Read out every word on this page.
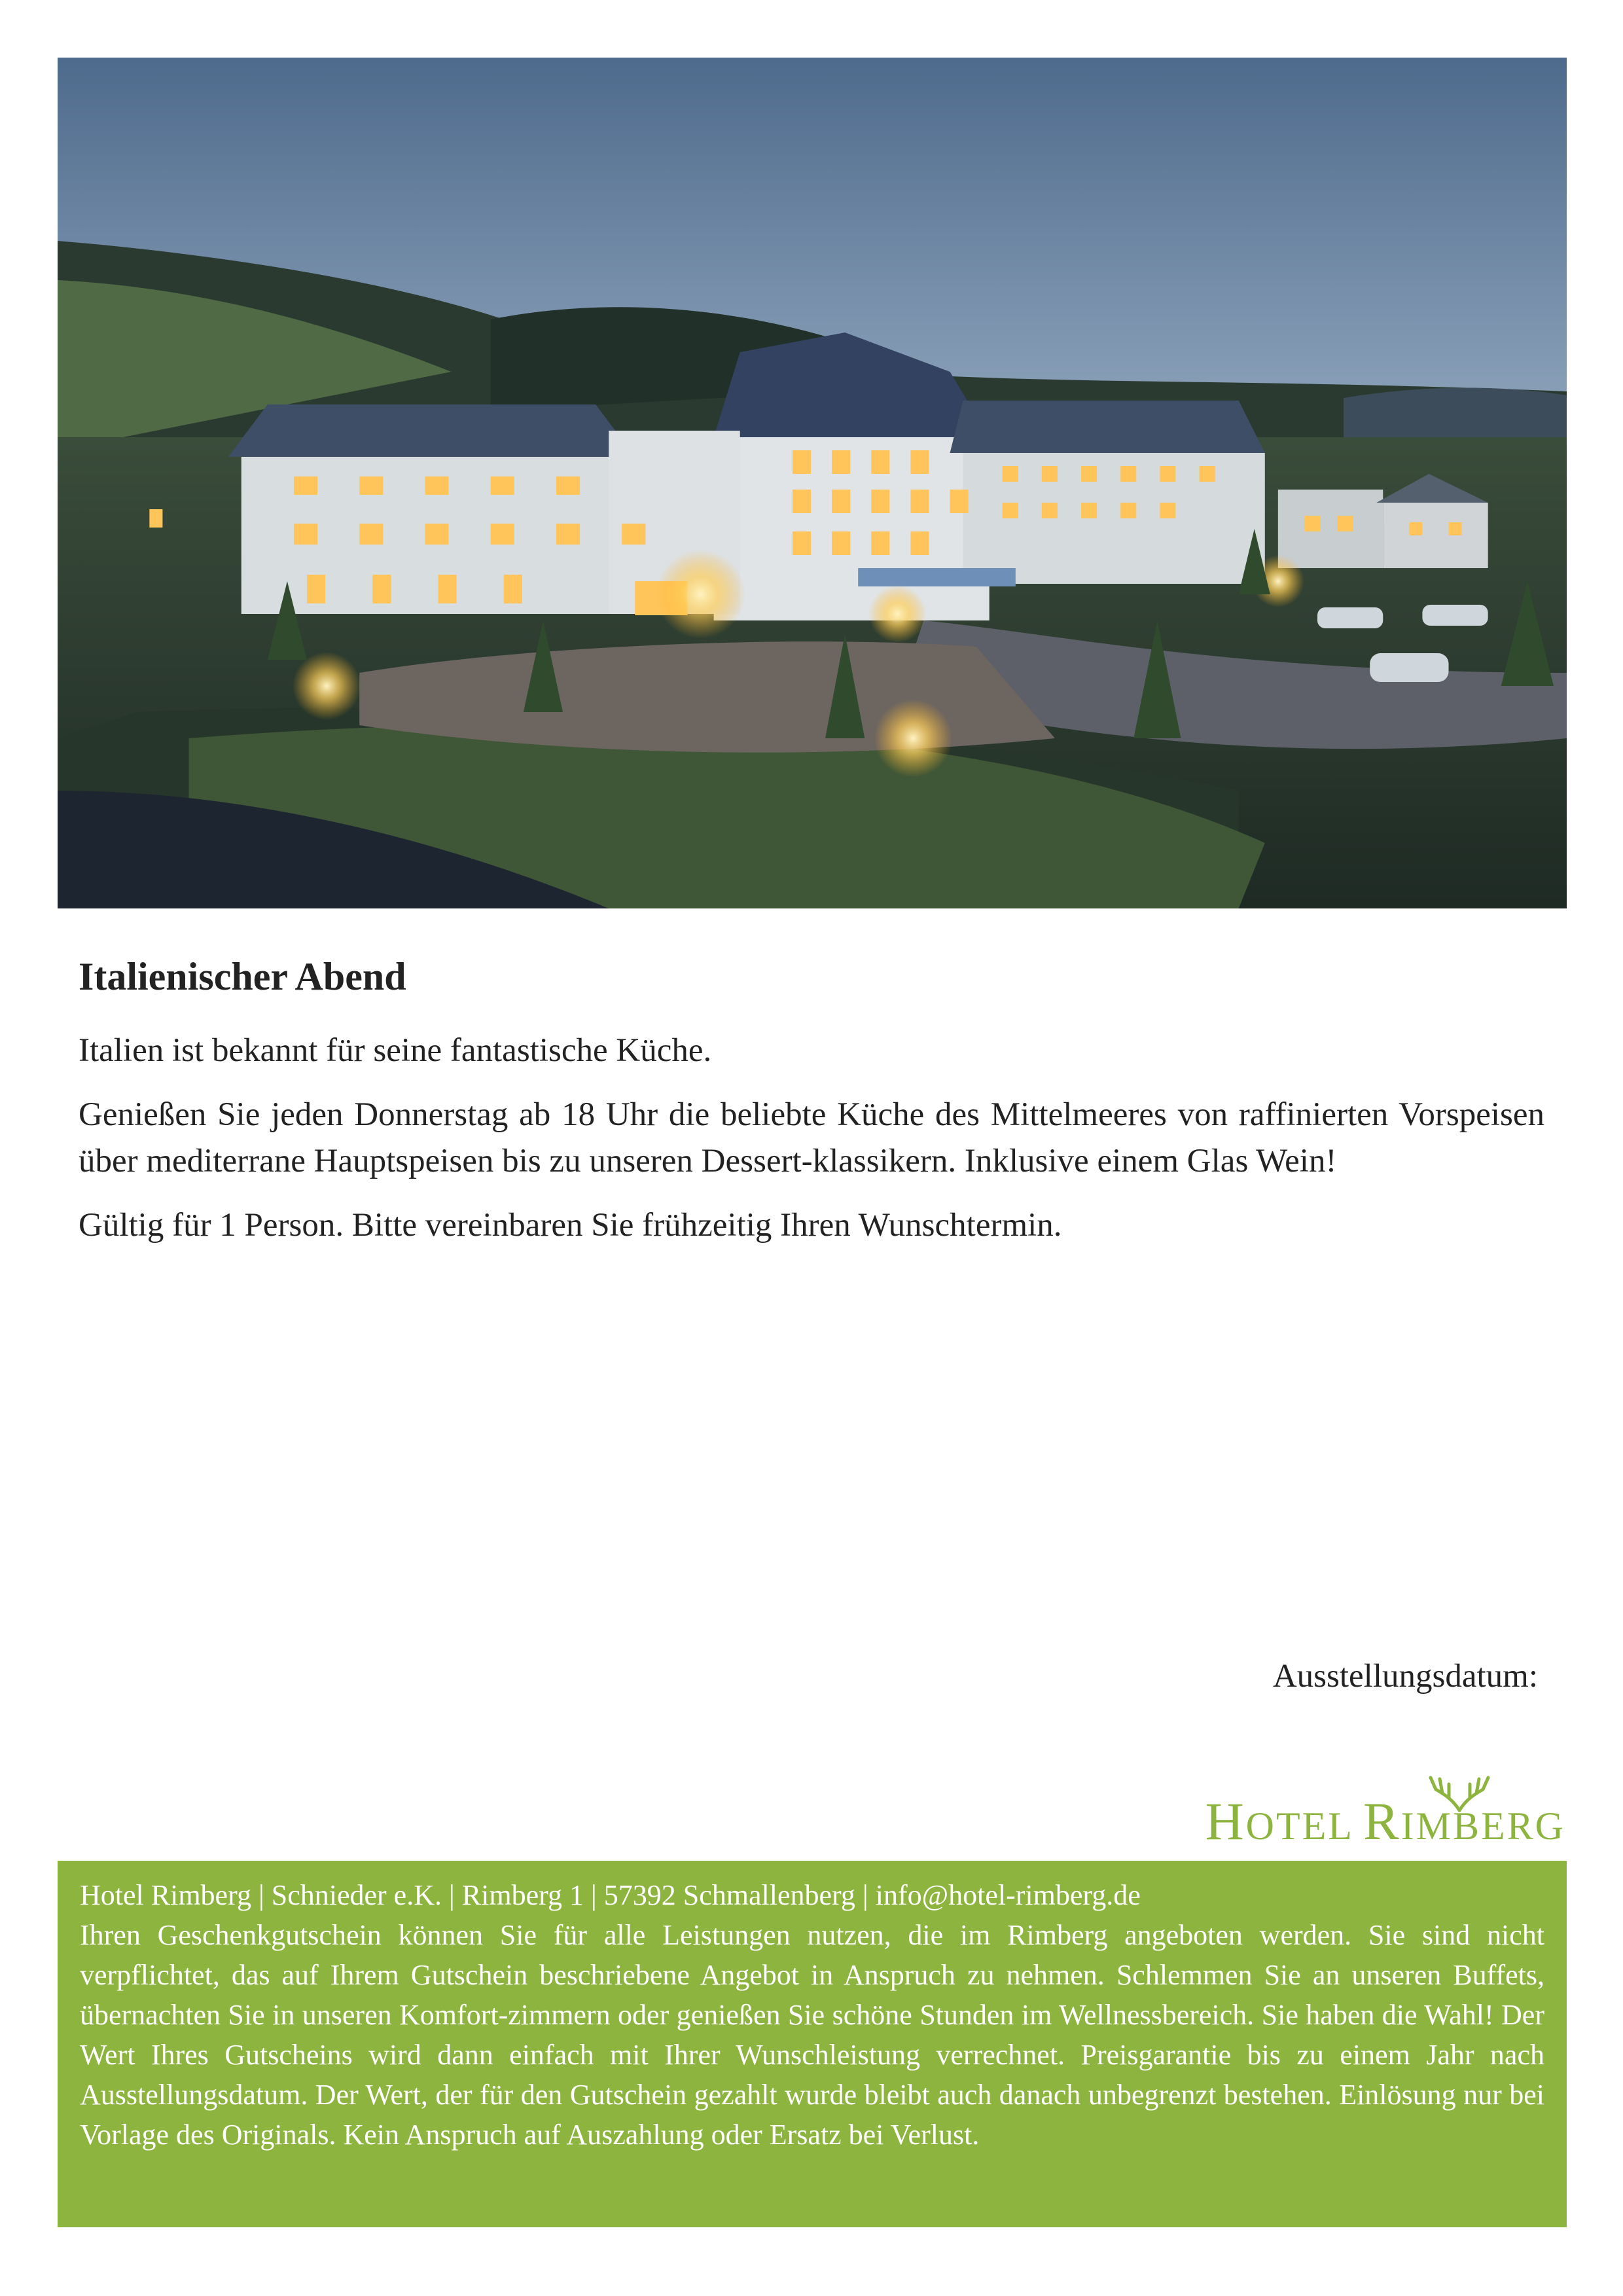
Italienischer Abend

Italien ist bekannt für seine fantastische Küche.

Genießen Sie jeden Donnerstag ab 18 Uhr die beliebte Küche des Mittelmeeres von raffinierten Vorspeisen über mediterrane Hauptspeisen bis zu unseren Dessert-klassikern. Inklusive einem Glas Wein!

Gültig für 1 Person. Bitte vereinbaren Sie frühzeitig Ihren Wunschtermin.

Ausstellungsdatum:
HOTEL RIMBERG

Hotel Rimberg | Schnieder e.K. | Rimberg 1 | 57392 Schmallenberg | info@hotel-rimberg.de

Ihren Geschenkgutschein können Sie für alle Leistungen nutzen, die im Rimberg angeboten werden. Sie sind nicht verpflichtet, das auf Ihrem Gutschein beschriebene Angebot in Anspruch zu nehmen. Schlemmen Sie an unseren Buffets, übernachten Sie in unseren Komfort-zimmern oder genießen Sie schöne Stunden im Wellnessbereich. Sie haben die Wahl! Der Wert Ihres Gutscheins wird dann einfach mit Ihrer Wunschleistung verrechnet. Preisgarantie bis zu einem Jahr nach Ausstellungsdatum. Der Wert, der für den Gutschein gezahlt wurde bleibt auch danach unbegrenzt bestehen. Einlösung nur bei Vorlage des Originals. Kein Anspruch auf Auszahlung oder Ersatz bei Verlust.
